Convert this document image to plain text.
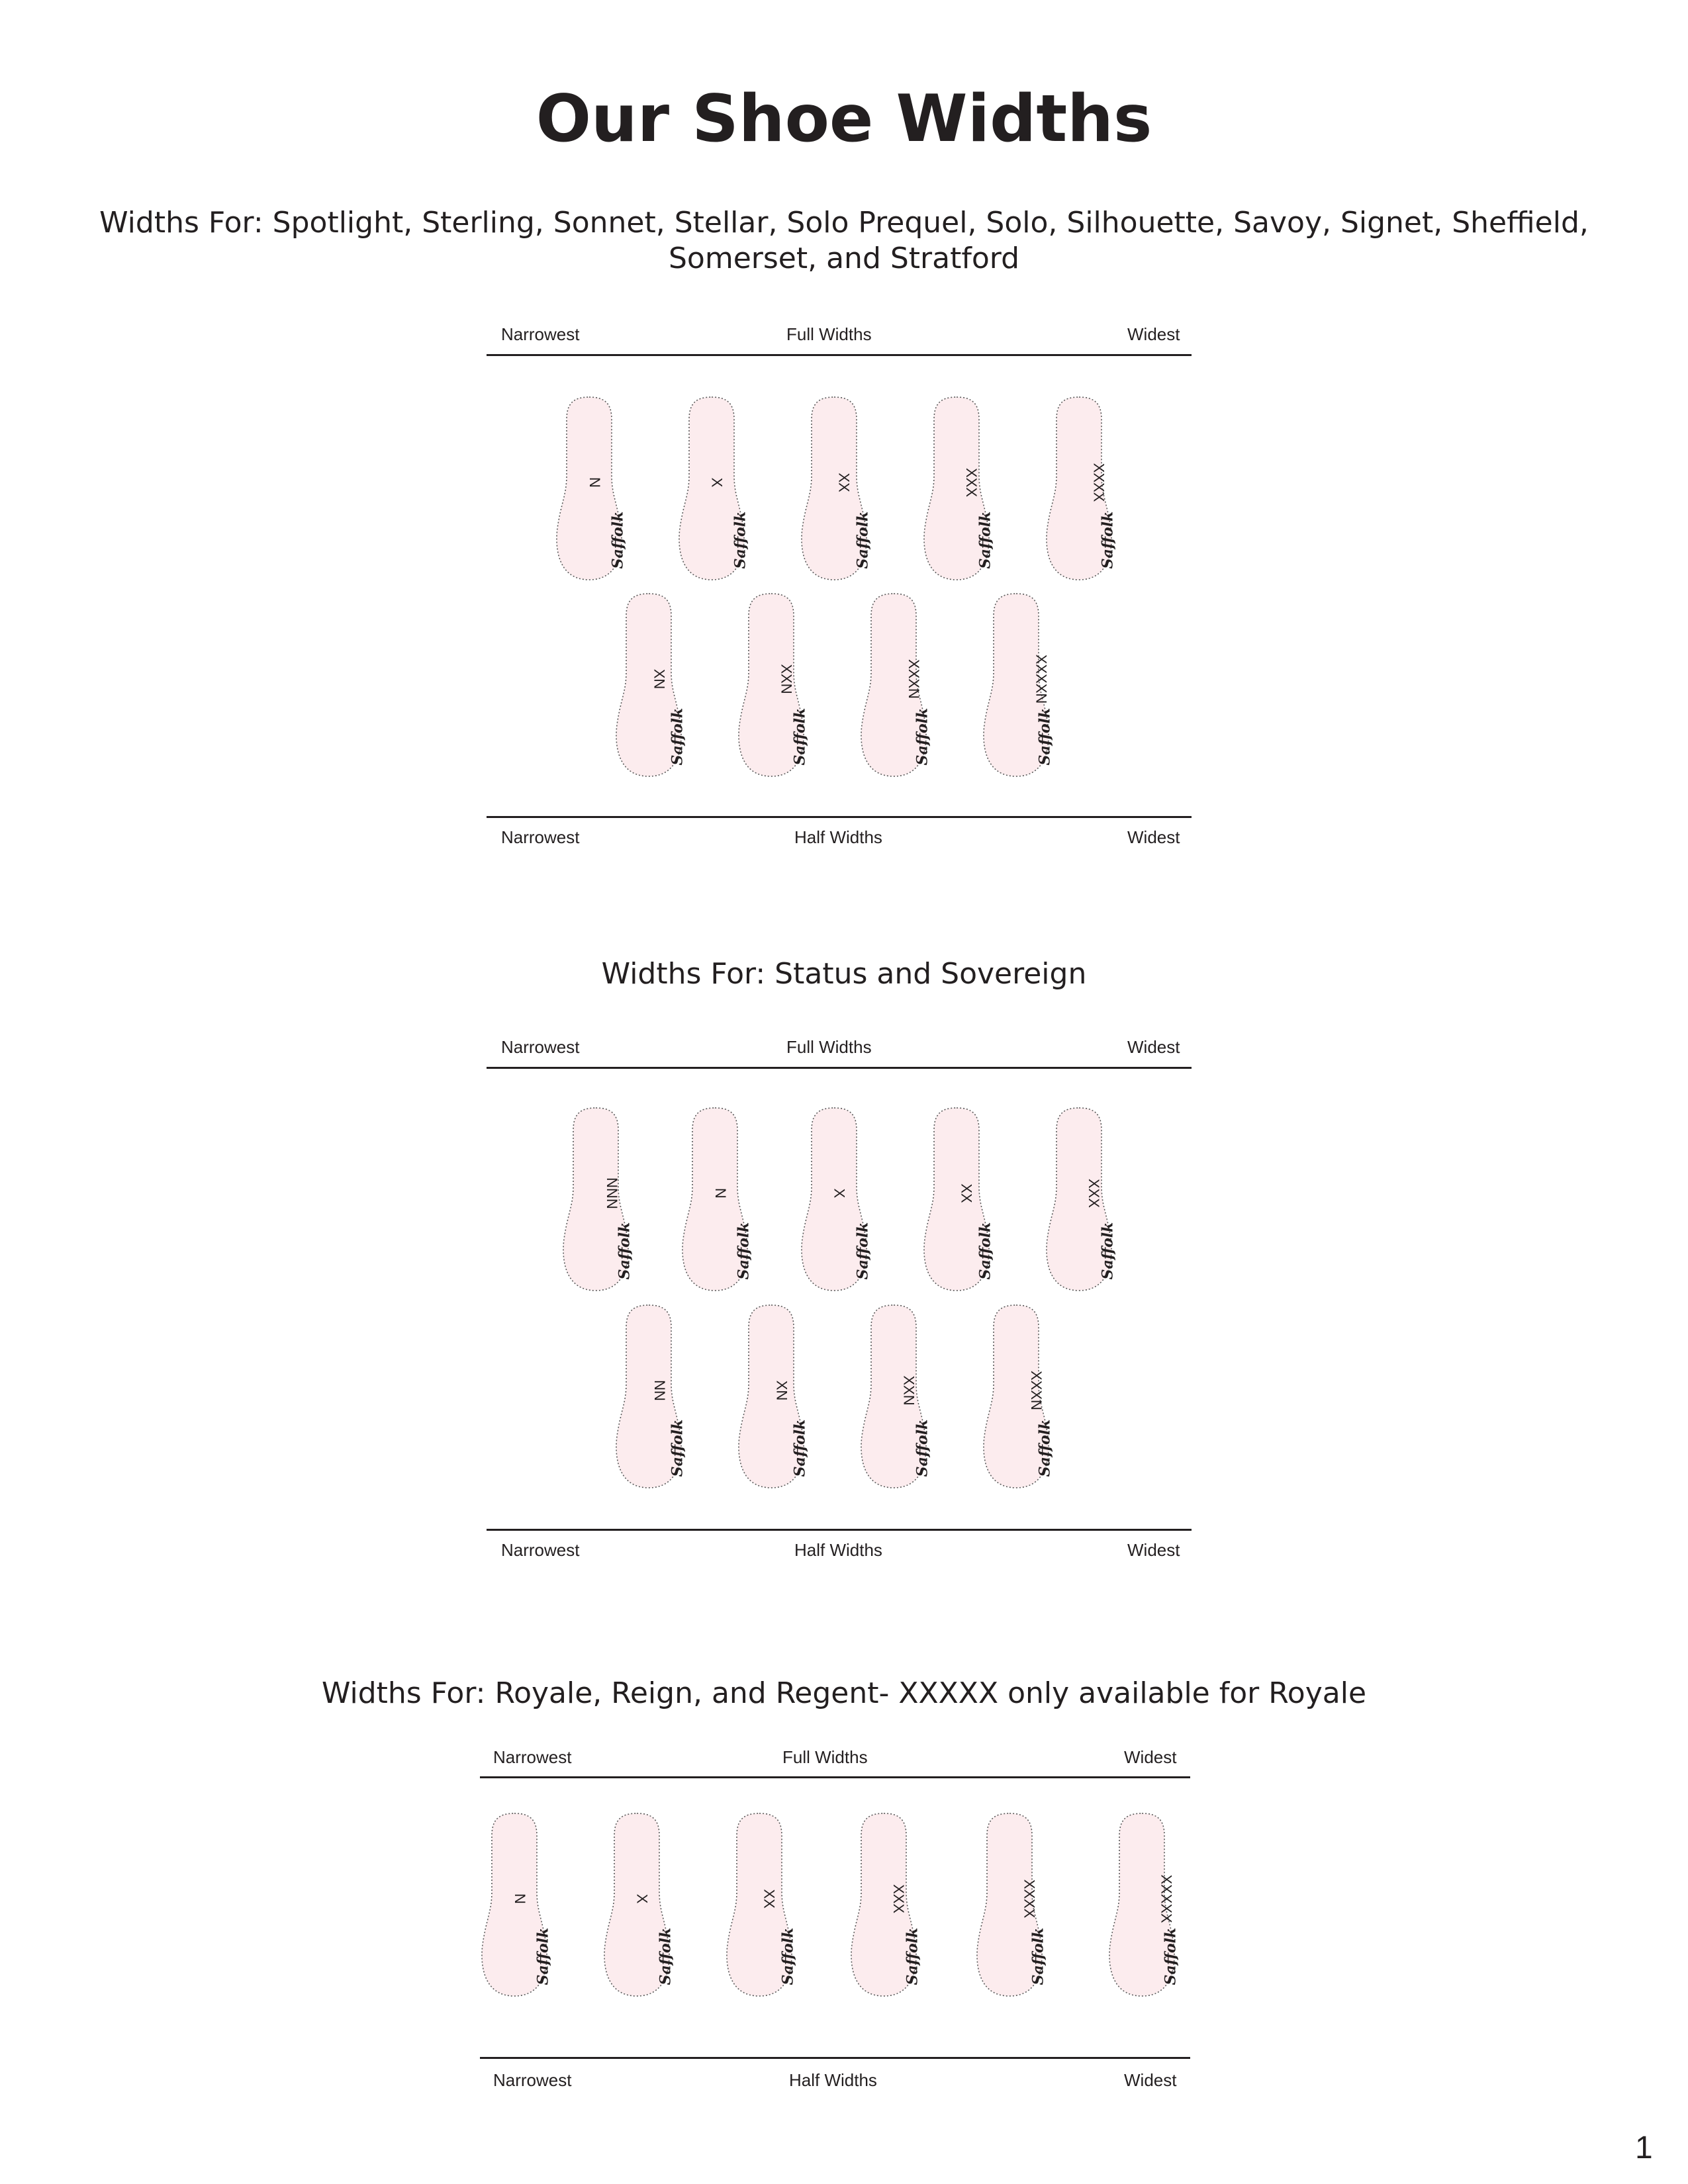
Our Shoe Widths
Widths For: Spotlight, Sterling, Sonnet, Stellar, Solo Prequel, Solo, Silhouette, Savoy, Signet, Sheffield, Somerset, and Stratford
Narrowest	Full Widths	Widest
N
Saffolk
X
Saffolk
XX
Saffolk
XXX
Saffolk
XXXX
Saffolk
XN
Saffolk
XXN
Saffolk
XXXN
Saffolk
XXXXN
Saffolk
Narrowest	Half Widths	Widest
Widths For: Status and Sovereign
Narrowest	Full Widths	Widest
NNN
Saffolk
N
Saffolk
X
Saffolk
XX
Saffolk
XXX
Saffolk
NN
Saffolk
XN
Saffolk
XXN
Saffolk
XXXN
Saffolk
Narrowest	Half Widths	Widest
Widths For: Royale, Reign, and Regent- XXXXX only available for Royale
Narrowest	Full Widths	Widest
N
Saffolk
X
Saffolk
XX
Saffolk
XXX
Saffolk
XXXX
Saffolk
XXXXX
Saffolk
Narrowest	Half Widths	Widest
1
